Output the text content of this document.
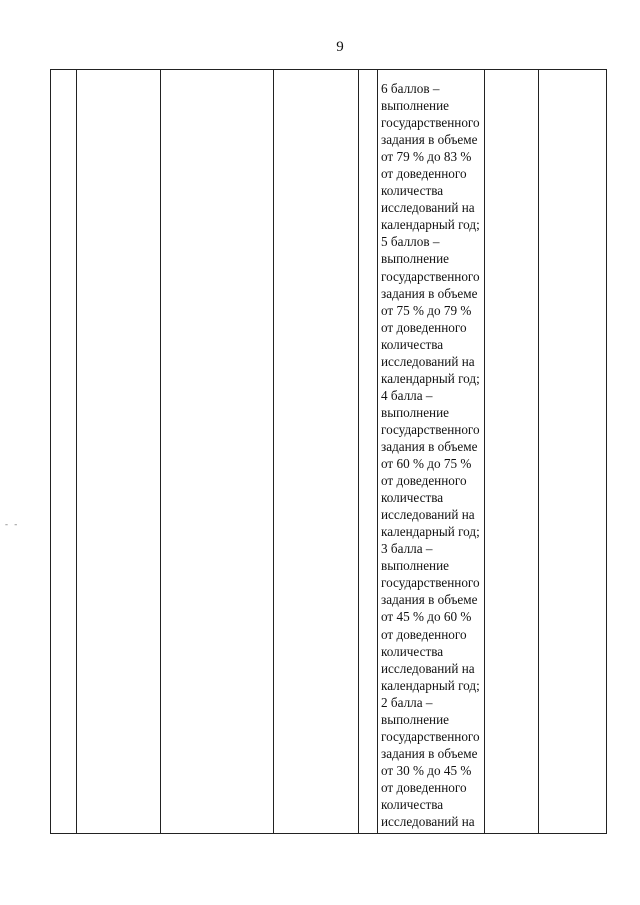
9
- -

6 баллов –
выполнение
государственного
задания в объеме
от 79 % до 83 %
от доведенного
количества
исследований на
календарный год;
5 баллов –
выполнение
государственного
задания в объеме
от 75 % до 79 %
от доведенного
количества
исследований на
календарный год;
4 балла –
выполнение
государственного
задания в объеме
от 60 % до 75 %
от доведенного
количества
исследований на
календарный год;
3 балла –
выполнение
государственного
задания в объеме
от 45 % до 60 %
от доведенного
количества
исследований на
календарный год;
2 балла –
выполнение
государственного
задания в объеме
от 30 % до 45 %
от доведенного
количества
исследований на
